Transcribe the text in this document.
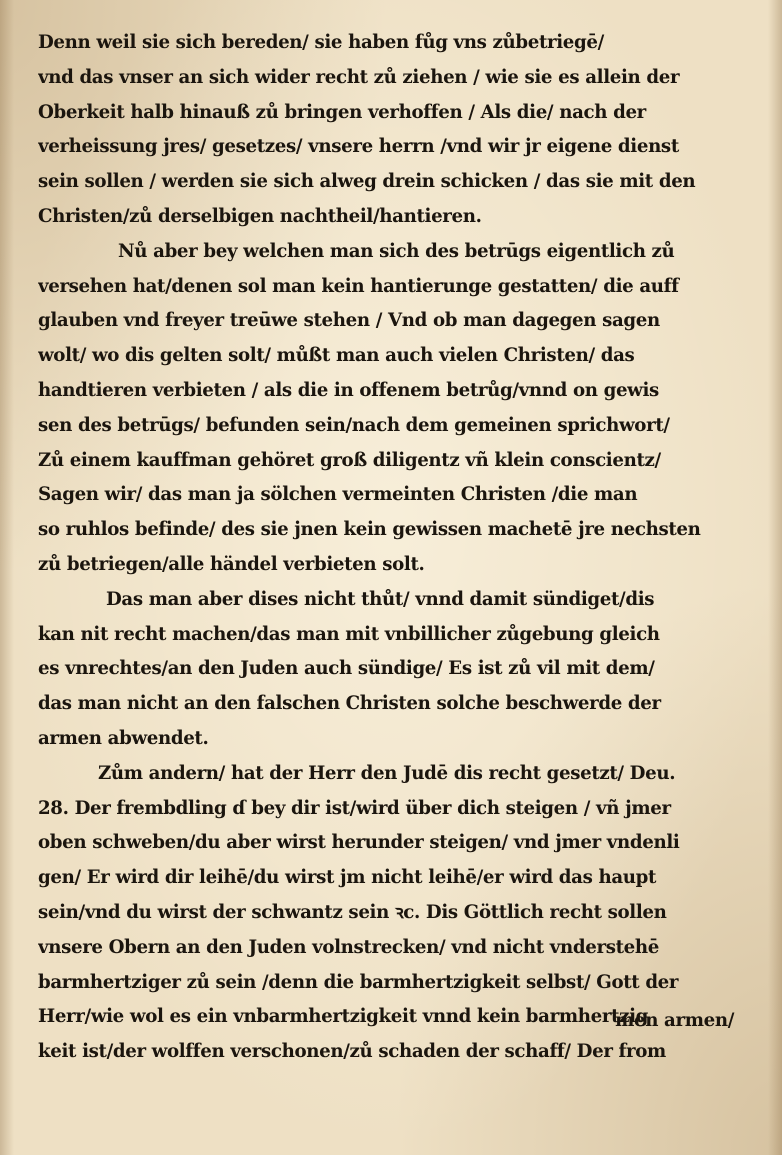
Denn weil sie sich bereden/ sie haben fůg vns zůbetriegē/
vnd das vnser an sich wider recht zů ziehen / wie sie es allein der
Oberkeit halb hinauß zů bringen verhoffen / Als die/ nach der
verheissung jres/ gesetzes/ vnsere herrn /vnd wir jr eigene dienst
sein sollen / werden sie sich alweg drein schicken / das sie mit den
Christen/zů derselbigen nachtheil/hantieren.
Nů aber bey welchen man sich des betrūgs eigentlich zů
versehen hat/denen sol man kein hantierunge gestatten/ die auff
glauben vnd freyer treūwe stehen / Vnd ob man dagegen sagen
wolt/ wo dis gelten solt/ můßt man auch vielen Christen/ das
handtieren verbieten / als die in offenem betrůg/vnnd on gewis
sen des betrūgs/ befunden sein/nach dem gemeinen sprichwort/
Zů einem kauffman gehöret groß diligentz vñ klein conscientz/
Sagen wir/ das man ja sölchen vermeinten Christen /die man
so ruhlos befinde/ des sie jnen kein gewissen machetē jre nechsten
zů betriegen/alle händel verbieten solt.
Das man aber dises nicht thůt/ vnnd damit sündiget/dis
kan nit recht machen/das man mit vnbillicher zůgebung gleich
es vnrechtes/an den Juden auch sündige/ Es ist zů vil mit dem/
das man nicht an den falschen Christen solche beschwerde der
armen abwendet.
Zům andern/ hat der Herr den Judē dis recht gesetzt/ Deu.
28. Der frembdling ɗ bey dir ist/wird über dich steigen / vñ jmer
oben schweben/du aber wirst herunder steigen/ vnd jmer vndenli
gen/ Er wird dir leihē/du wirst jm nicht leihē/er wird das haupt
sein/vnd du wirst der schwantz sein ꝛc. Dis Göttlich recht sollen
vnsere Obern an den Juden volnstrecken/ vnd nicht vnderstehē
barmhertziger zů sein /denn die barmhertzigkeit selbst/ Gott der
Herr/wie wol es ein vnbarmhertzigkeit vnnd kein barmhertzig
keit ist/der wolffen verschonen/zů schaden der schaff/ Der from
men armen/
